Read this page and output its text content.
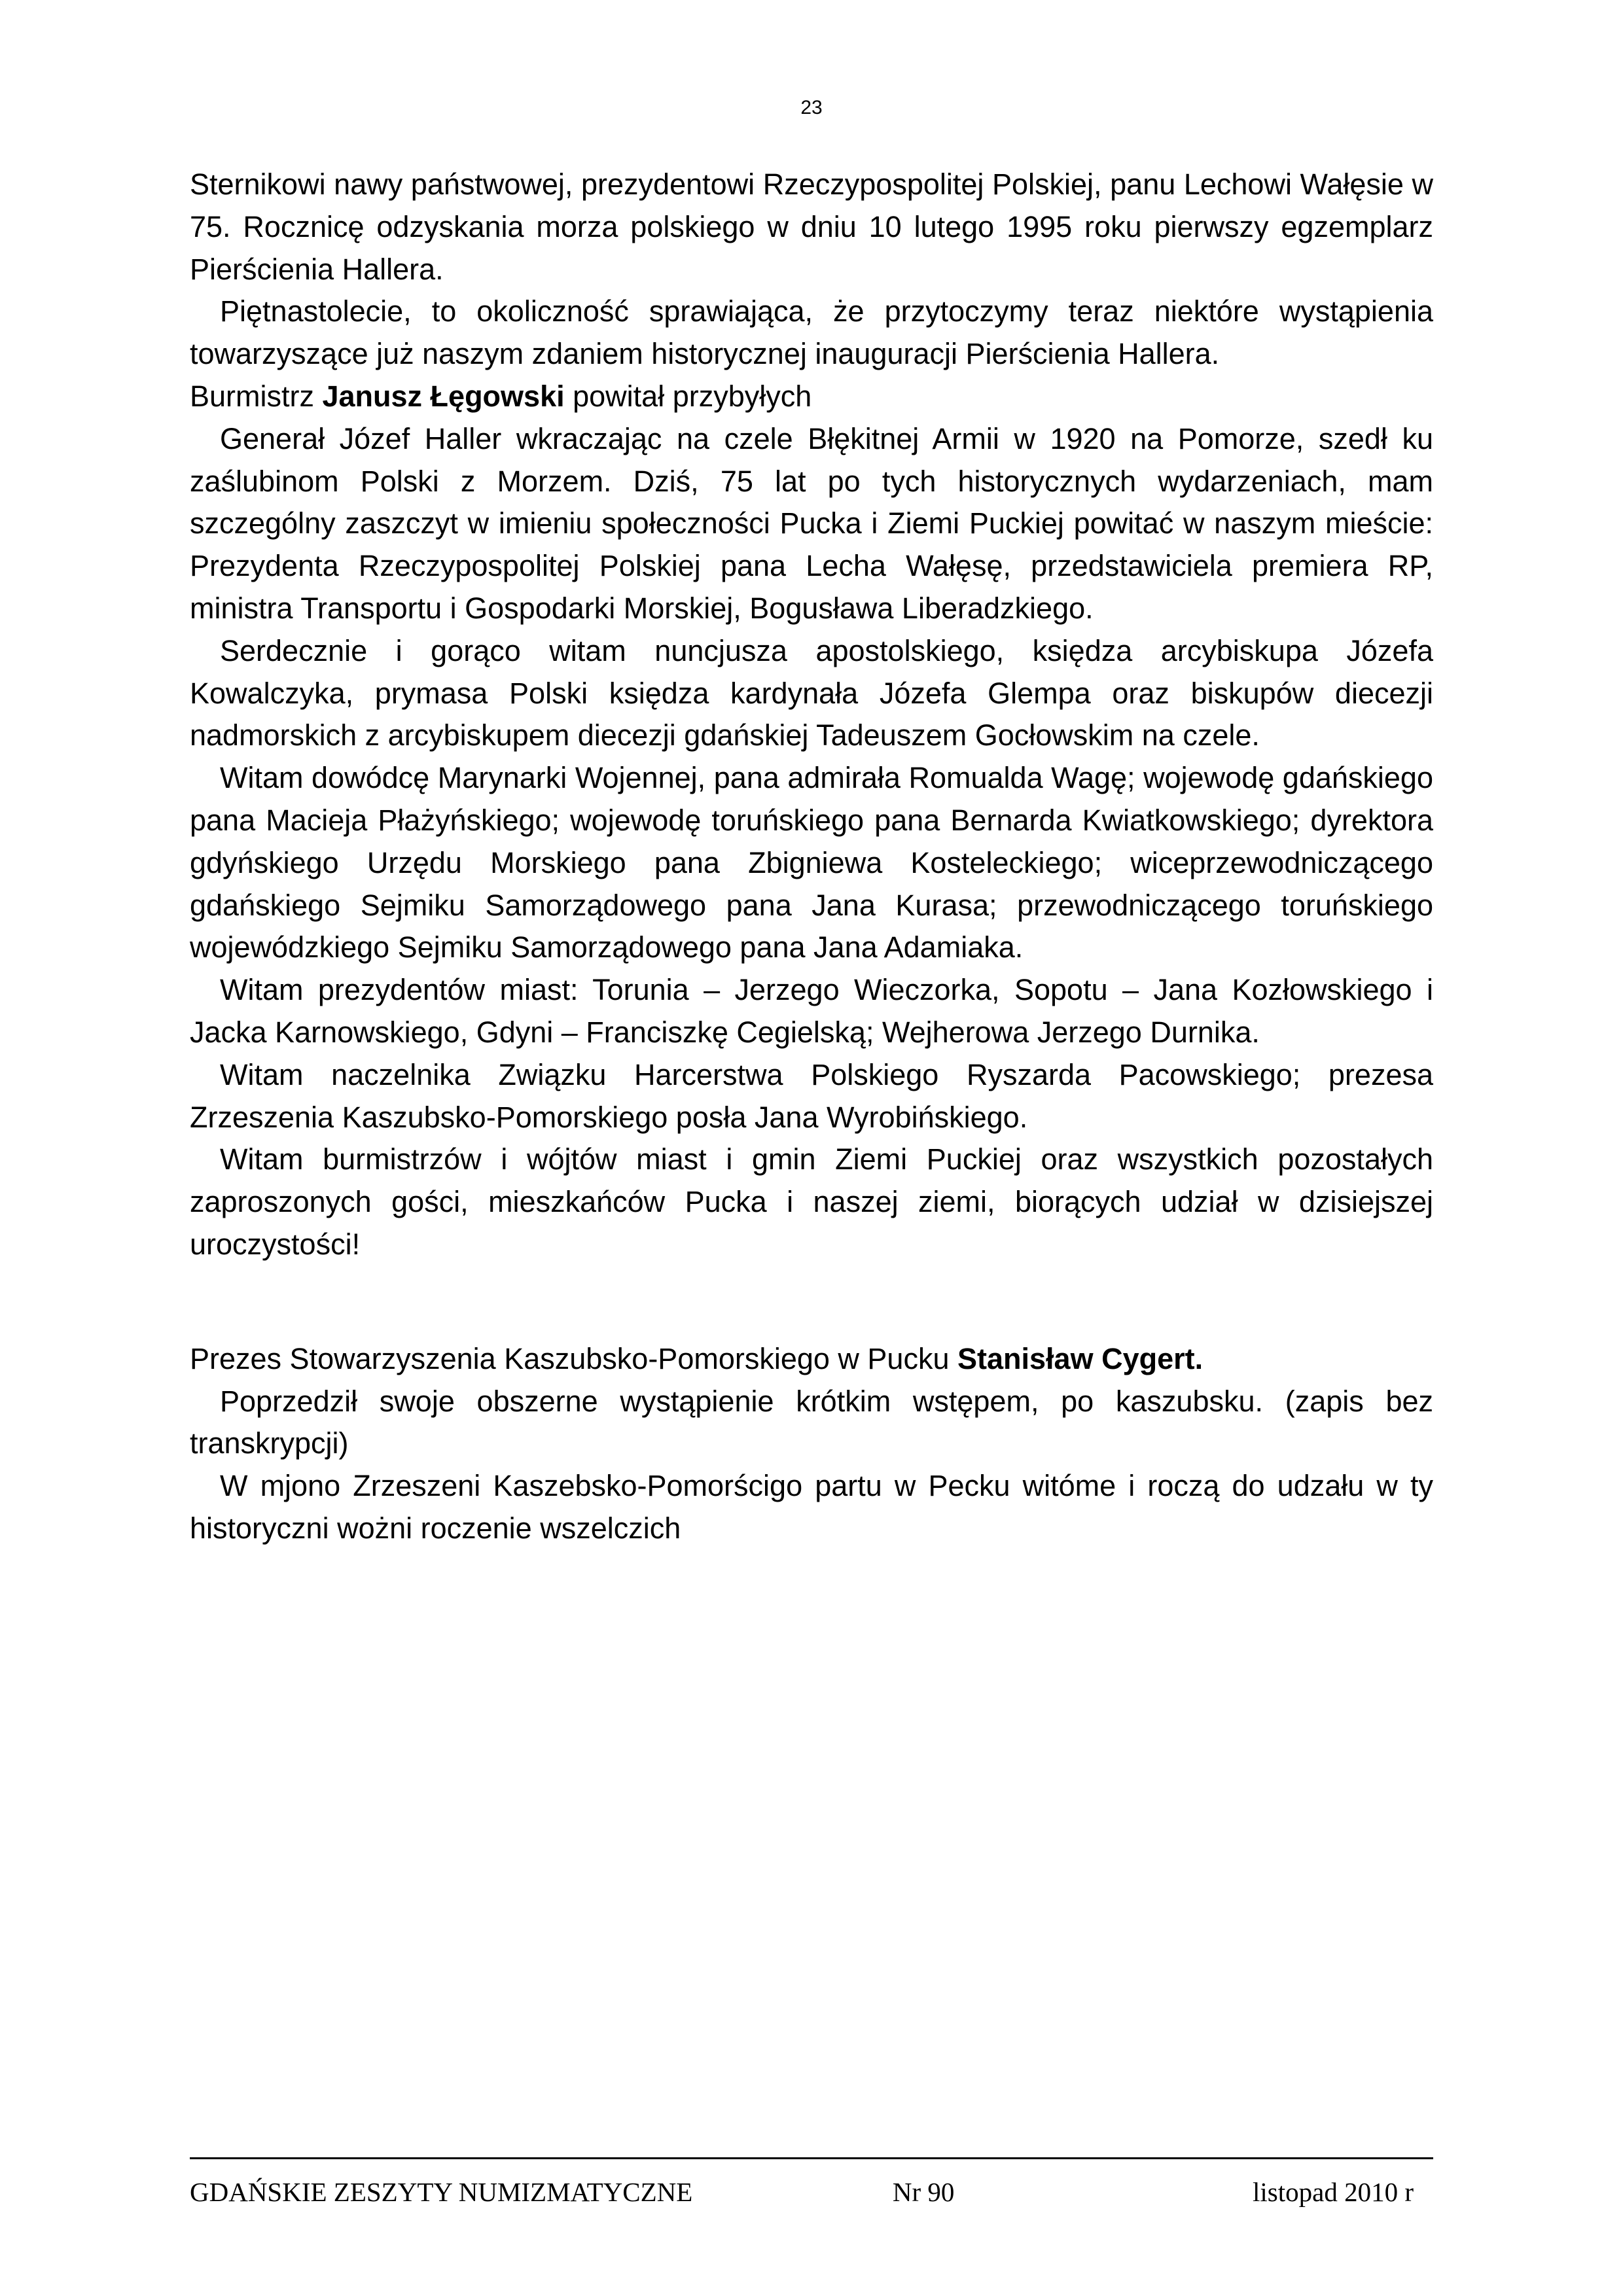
23

Sternikowi nawy państwowej, prezydentowi Rzeczypospolitej Polskiej, panu Lechowi Wałęsie w 75. Rocznicę odzyskania morza polskiego w dniu 10 lutego 1995 roku pierwszy egzemplarz Pierścienia Hallera.

Piętnastolecie, to okoliczność sprawiająca, że przytoczymy teraz niektóre wystąpienia towarzyszące już naszym zdaniem historycznej inauguracji Pierścienia Hallera.

Burmistrz Janusz Łęgowski powitał przybyłych

Generał Józef Haller wkraczając na czele Błękitnej Armii w 1920 na Pomorze, szedł ku zaślubinom Polski z Morzem. Dziś, 75 lat po tych historycznych wydarzeniach, mam szczególny zaszczyt w imieniu społeczności Pucka i Ziemi Puckiej powitać w naszym mieście: Prezydenta Rzeczypospolitej Polskiej pana Lecha Wałęsę, przedstawiciela premiera RP, ministra Transportu i Gospodarki Morskiej, Bogusława Liberadzkiego.

Serdecznie i gorąco witam nuncjusza apostolskiego, księdza arcybiskupa Józefa Kowalczyka, prymasa Polski księdza kardynała Józefa Glempa oraz biskupów diecezji nadmorskich z arcybiskupem diecezji gdańskiej Tadeuszem Gocłowskim na czele.

Witam dowódcę Marynarki Wojennej, pana admirała Romualda Wagę; wojewodę gdańskiego pana Macieja Płażyńskiego; wojewodę toruńskiego pana Bernarda Kwiatkowskiego; dyrektora gdyńskiego Urzędu Morskiego pana Zbigniewa Kosteleckiego; wiceprzewodniczącego gdańskiego Sejmiku Samorządowego pana Jana Kurasa; przewodniczącego toruńskiego wojewódzkiego Sejmiku Samorządowego pana Jana Adamiaka.

Witam prezydentów miast: Torunia – Jerzego Wieczorka, Sopotu – Jana Kozłowskiego i Jacka Karnowskiego, Gdyni – Franciszkę Cegielską; Wejherowa Jerzego Durnika.

Witam naczelnika Związku Harcerstwa Polskiego Ryszarda Pacowskiego; prezesa Zrzeszenia Kaszubsko-Pomorskiego posła Jana Wyrobińskiego.

Witam burmistrzów i wójtów miast i gmin Ziemi Puckiej oraz wszystkich pozostałych zaproszonych gości, mieszkańców Pucka i naszej ziemi, biorących udział w dzisiejszej uroczystości!

Prezes Stowarzyszenia Kaszubsko-Pomorskiego w Pucku Stanisław Cygert.

Poprzedził swoje obszerne wystąpienie krótkim wstępem, po kaszubsku. (zapis bez transkrypcji)

W mjono Zrzeszeni Kaszebsko-Pomorścigo partu w Pecku witóme i roczą do udzału w ty historyczni wożni roczenie wszelczich

GDAŃSKIE ZESZYTY NUMIZMATYCZNE	Nr 90	listopad 2010 r
